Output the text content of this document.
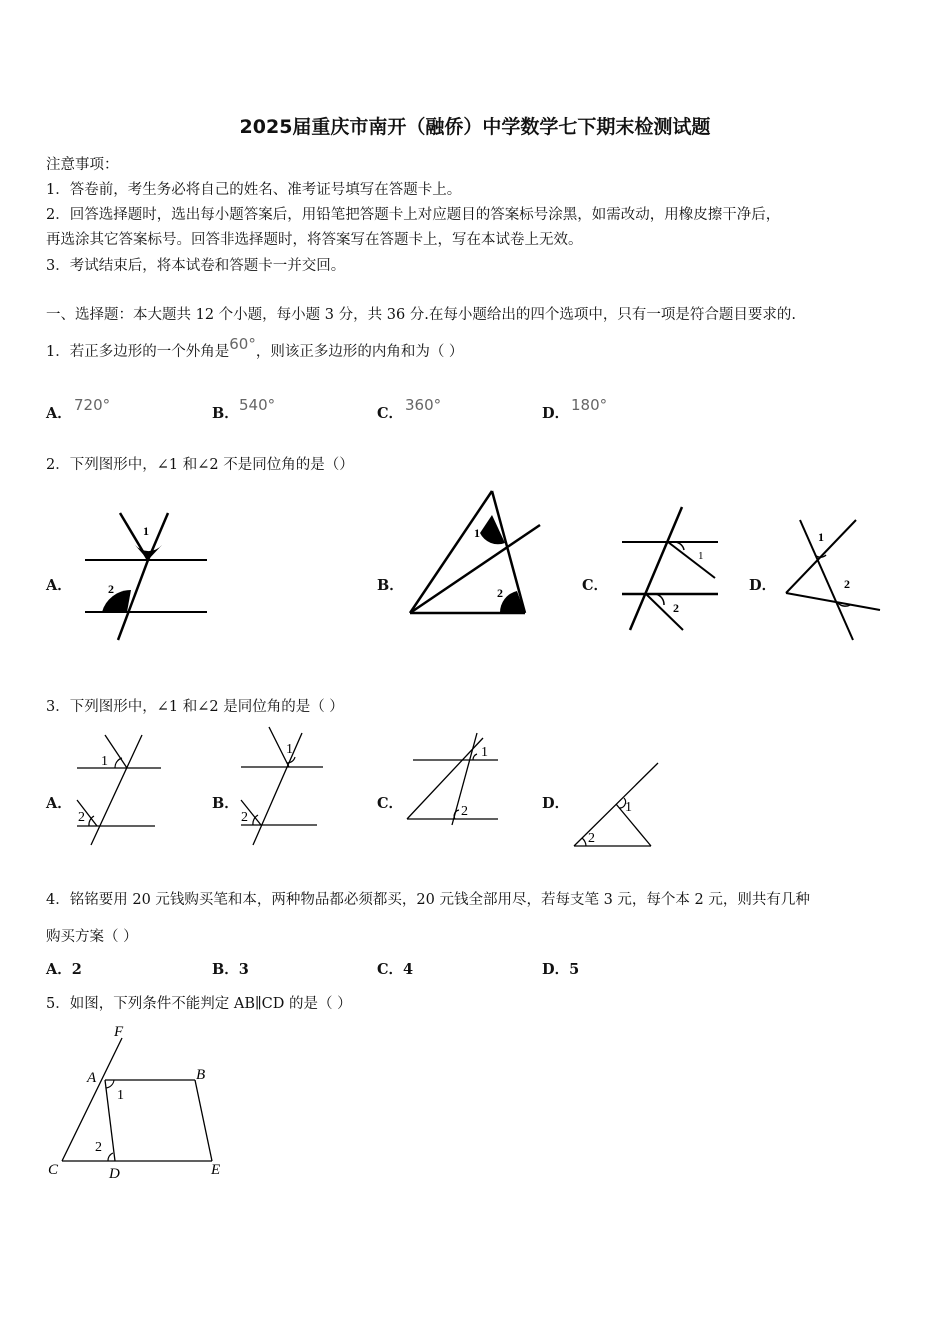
2025届重庆市南开（融侨）中学数学七下期末检测试题
注意事项：
1．答卷前，考生务必将自己的姓名、准考证号填写在答题卡上。
2．回答选择题时，选出每小题答案后，用铅笔把答题卡上对应题目的答案标号涂黑，如需改动，用橡皮擦干净后，
再选涂其它答案标号。回答非选择题时，将答案写在答题卡上，写在本试卷上无效。
3．考试结束后，将本试卷和答题卡一并交回。
一、选择题：本大题共 12 个小题，每小题 3 分，共 36 分.在每小题给出的四个选项中，只有一项是符合题目要求的.
1．若正多边形的一个外角是60°，则该正多边形的内角和为（ ）
A． 720°	B． 540°	C． 360°	D． 180°
2．下列图形中，∠1 和∠2 不是同位角的是（）
A．	B．	C．	D．
1
2
1
2
1
2
1
2
3．下列图形中，∠1 和∠2 是同位角的是（ ）
A．	B．	C．	D．
1
2
1
2
1
2
2
1
4．铭铭要用 20 元钱购买笔和本，两种物品都必须都买，20 元钱全部用尽，若每支笔 3 元，每个本 2 元，则共有几种
购买方案（ ）
A．2	B．3	C．4	D．5
5．如图，下列条件不能判定 AB∥CD 的是（ ）
F
A	B
C	D	E
1
2
